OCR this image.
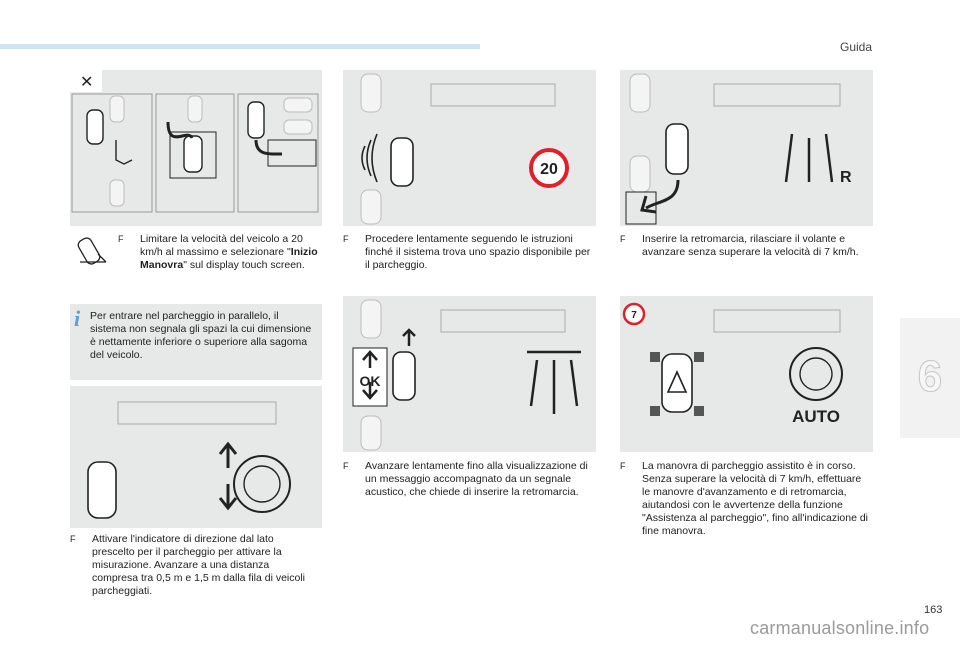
Guida
6
✕
F Limitare la velocità del veicolo a 20 km/h al massimo e selezionare "Inizio Manovra" sul display touch screen.
i Per entrare nel parcheggio in parallelo, il sistema non segnala gli spazi la cui dimensione è nettamente inferiore o superiore alla sagoma del veicolo.
F Attivare l'indicatore di direzione dal lato prescelto per il parcheggio per attivare la misurazione. Avanzare a una distanza compresa tra 0,5 m e 1,5 m dalla fila di veicoli parcheggiati.
20
F Procedere lentamente seguendo le istruzioni finché il sistema trova uno spazio disponibile per il parcheggio.
OK
F Avanzare lentamente fino alla visualizzazione di un messaggio accompagnato da un segnale acustico, che chiede di inserire la retromarcia.
R
F Inserire la retromarcia, rilasciare il volante e avanzare senza superare la velocità di 7 km/h.
7
AUTO
F La manovra di parcheggio assistito è in corso.
Senza superare la velocità di 7 km/h, effettuare le manovre d'avanzamento e di retromarcia, aiutandosi con le avvertenze della funzione "Assistenza al parcheggio", fino all'indicazione di fine manovra.
163
carmanualsonline.info
